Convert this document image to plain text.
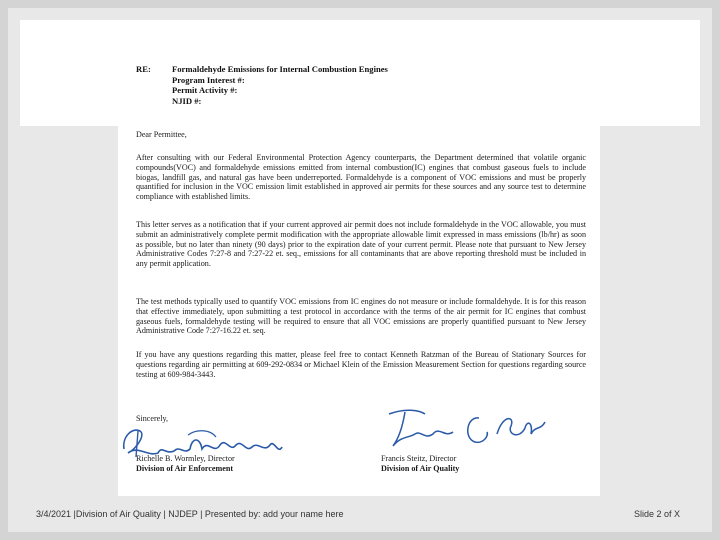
RE: Formaldehyde Emissions for Internal Combustion Engines
Program Interest #:
Permit Activity #:
NJID #:
Dear Permittee,
After consulting with our Federal Environmental Protection Agency counterparts, the Department determined that volatile organic compounds(VOC) and formaldehyde emissions emitted from internal combustion(IC) engines that combust gaseous fuels to include biogas, landfill gas, and natural gas have been underreported. Formaldehyde is a component of VOC emissions and must be properly quantified for inclusion in the VOC emission limit established in approved air permits for these sources and any source test to determine compliance with established limits.
This letter serves as a notification that if your current approved air permit does not include formaldehyde in the VOC allowable, you must submit an administratively complete permit modification with the appropriate allowable limit expressed in mass emissions (lb/hr) as soon as possible, but no later than ninety (90 days) prior to the expiration date of your current permit. Please note that pursuant to New Jersey Administrative Codes 7:27-8 and 7:27-22 et. seq., emissions for all contaminants that are above reporting threshold must be included in any permit application.
The test methods typically used to quantify VOC emissions from IC engines do not measure or include formaldehyde. It is for this reason that effective immediately, upon submitting a test protocol in accordance with the terms of the air permit for IC engines that combust gaseous fuels, formaldehyde testing will be required to ensure that all VOC emissions are properly quantified pursuant to New Jersey Administrative Code 7:27-16.22 et. seq.
If you have any questions regarding this matter, please feel free to contact Kenneth Ratzman of the Bureau of Stationary Sources for questions regarding air permitting at 609-292-0834 or Michael Klein of the Emission Measurement Section for questions regarding source testing at 609-984-3443.
Sincerely,
Richelle B. Wormley, Director
Division of Air Enforcement
Francis Steitz, Director
Division of Air Quality
3/4/2021 |Division of Air Quality | NJDEP | Presented by: add your name here	Slide 2 of X
